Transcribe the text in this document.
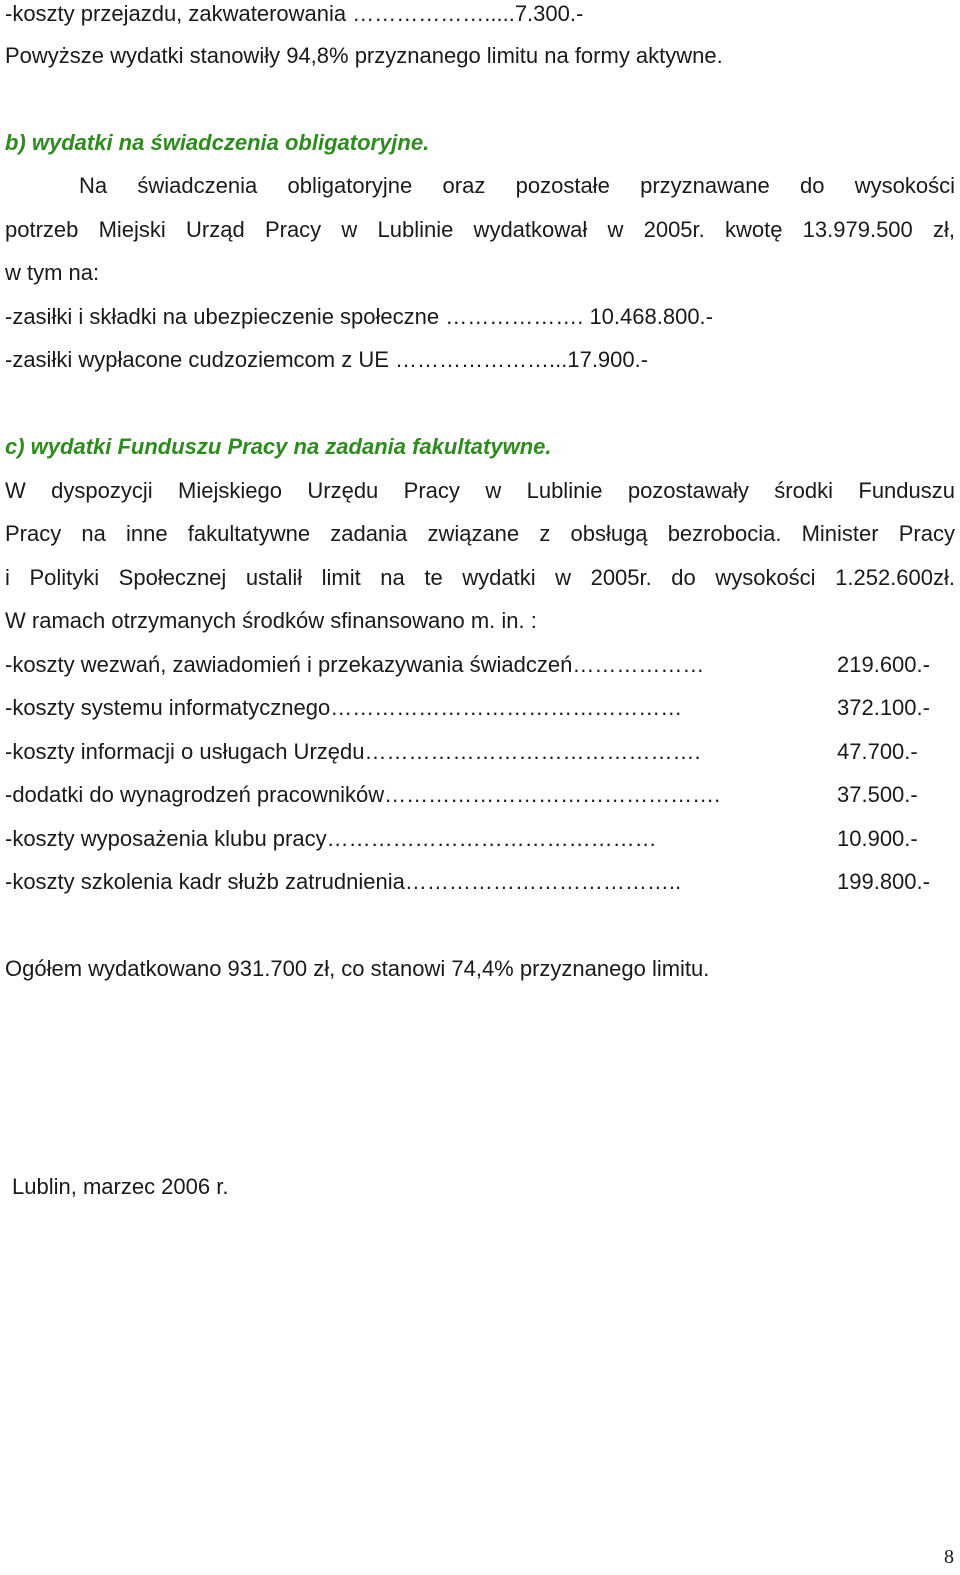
-koszty przejazdu, zakwaterowania ……………….....7.300.-
Powyższe wydatki stanowiły 94,8% przyznanego limitu na formy aktywne.
b) wydatki na świadczenia obligatoryjne.
Na świadczenia obligatoryjne oraz pozostałe przyznawane do wysokości
potrzeb Miejski Urząd Pracy w Lublinie wydatkował w 2005r. kwotę 13.979.500 zł,
w tym na:
-zasiłki i składki na ubezpieczenie społeczne ………………. 10.468.800.-
-zasiłki wypłacone cudzoziemcom z UE …………………...17.900.-
c) wydatki Funduszu Pracy na zadania fakultatywne.
W dyspozycji Miejskiego Urzędu Pracy w Lublinie pozostawały środki Funduszu
Pracy na inne fakultatywne zadania związane z obsługą bezrobocia. Minister Pracy
i Polityki Społecznej ustalił limit na te wydatki w 2005r. do wysokości 1.252.600zł.
W ramach otrzymanych środków sfinansowano m. in. :
-koszty wezwań, zawiadomień i przekazywania świadczeń………………	219.600.-
-koszty systemu informatycznego…………………………………………	372.100.-
-koszty informacji o usługach Urzędu……………………………………….	47.700.-
-dodatki do wynagrodzeń pracowników……………………………………….	37.500.-
-koszty wyposażenia klubu pracy………………………………………	10.900.-
-koszty szkolenia kadr służb zatrudnienia………………………………..	199.800.-
Ogółem wydatkowano 931.700 zł, co stanowi 74,4% przyznanego limitu.
Lublin, marzec 2006 r.
8
